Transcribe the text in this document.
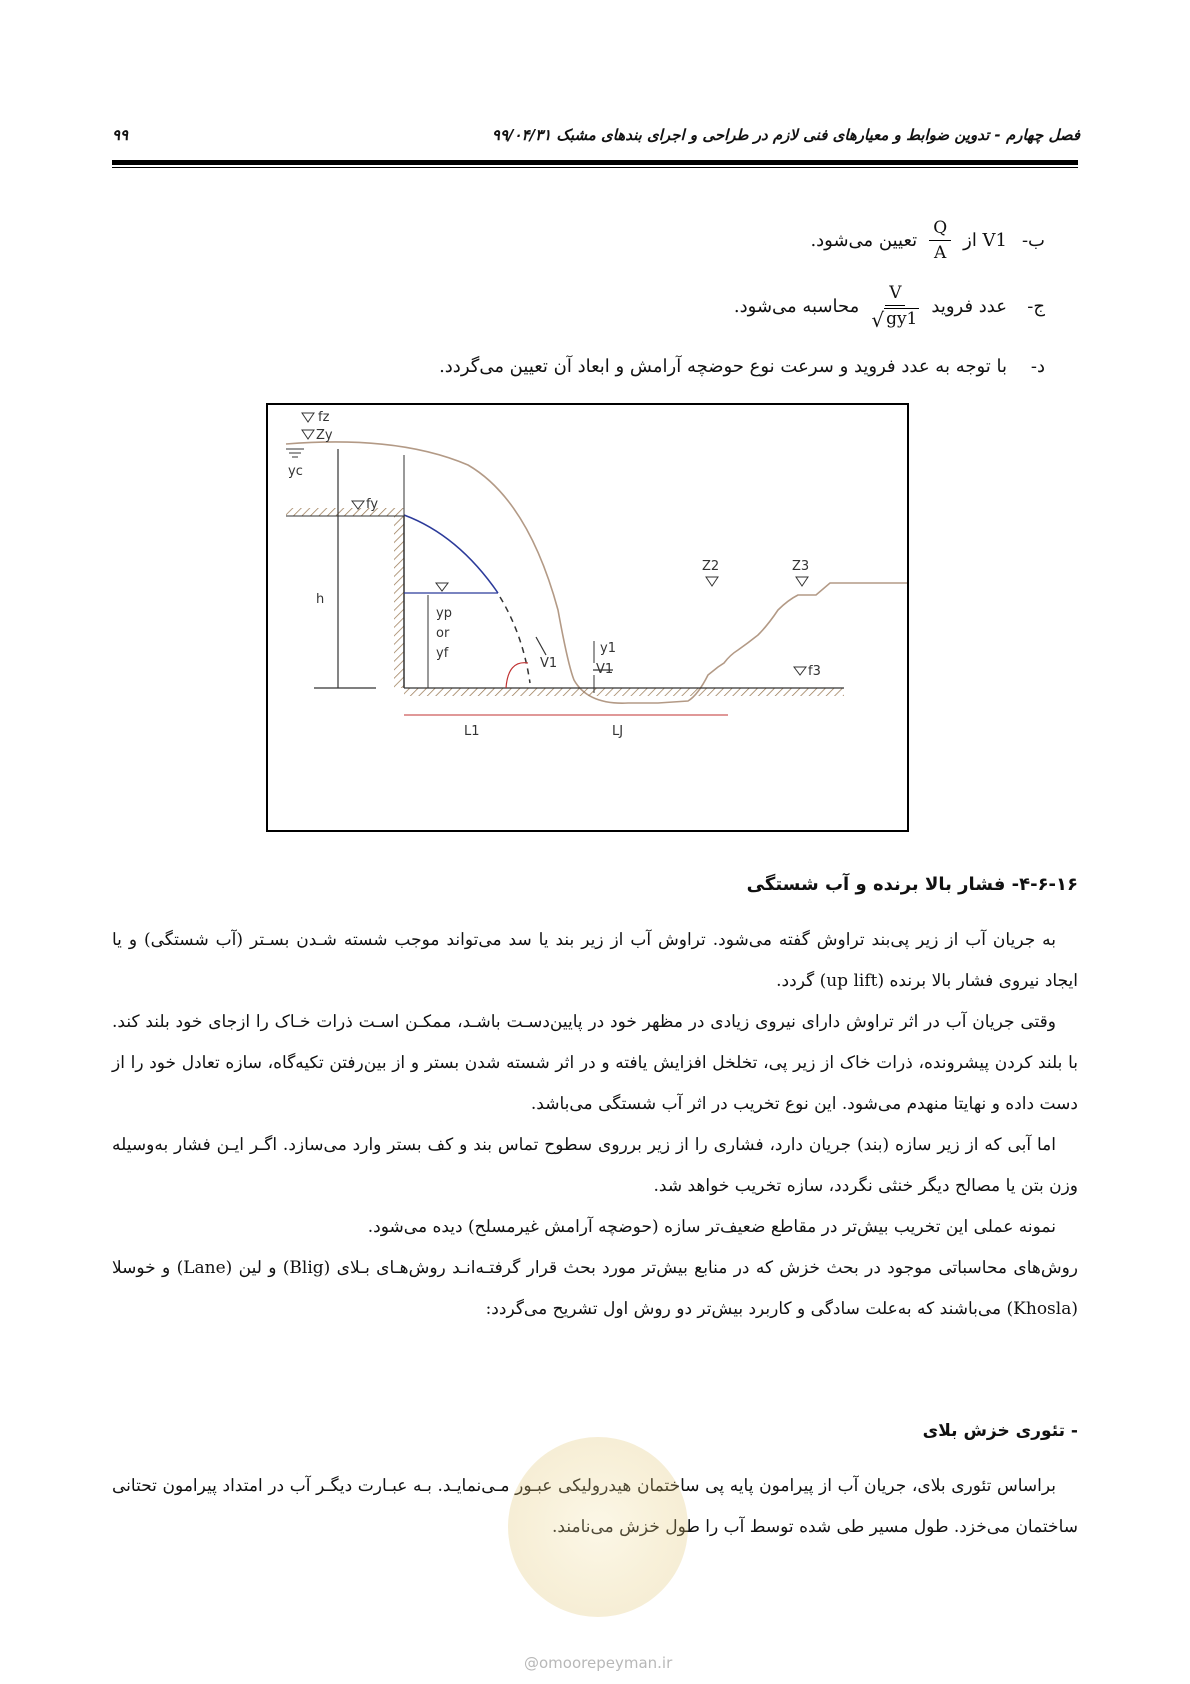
فصل چهارم - تدوین ضوابط و معیارهای فنی لازم در طراحی و اجرای بندهای مشبک ۹۹/۰۴/۳۱
۹۹
ب-
V1 از
$\frac{Q}{A}$
تعیین می‌شود.
ج-
عدد فروید
$\frac{V}{√ gy1}$
محاسبه می‌شود.
د-
با توجه به عدد فروید و سرعت نوع حوضچه آرامش و ابعاد آن تعیین می‌گردد.
fz
Zy
yc
fy
h
yp
or
yf
V1	V1
y1
Z2	Z3
f3
L1	LJ
۴-۶-۱۶- فشار بالا برنده و آب شستگی

به جریان آب از زیر پی‌بند تراوش گفته می‌شود. تراوش آب از زیر بند یا سد می‌تواند موجب شسته شـدن بسـتر (آب شستگی) و یا ایجاد نیروی فشار بالا برنده (up lift) گردد.

وقتی جریان آب در اثر تراوش دارای نیروی زیادی در مظهر خود در پایین‌دسـت باشـد، ممکـن اسـت ذرات خـاک را ازجای خود بلند کند. با بلند کردن پیشرونده، ذرات خاک از زیر پی، تخلخل افزایش یافته و در اثر شسته شدن بستر و از بین‌رفتن تکیه‌گاه، سازه تعادل خود را از دست داده و نهایتا منهدم می‌شود. این نوع تخریب در اثر آب شستگی می‌باشد.

اما آبی که از زیر سازه (بند) جریان دارد، فشاری را از زیر برروی سطوح تماس بند و کف بستر وارد می‌سازد. اگـر ایـن فشار به‌وسیله وزن بتن یا مصالح دیگر خنثی نگردد، سازه تخریب خواهد شد.

نمونه عملی این تخریب بیش‌تر در مقاطع ضعیف‌تر سازه (حوضچه آرامش غیرمسلح) دیده می‌شود.

روش‌های محاسباتی موجود در بحث خزش که در منابع بیش‌تر مورد بحث قرار گرفتـه‌انـد روش‌هـای بـلای (Blig) و لین (Lane) و خوسلا (Khosla) می‌باشند که به‌علت سادگی و کاربرد بیش‌تر دو روش اول تشریح می‌گردد:

- تئوری خزش بلای

براساس تئوری بلای، جریان آب از پیرامون پایه پی ساختمان هیدرولیکی عبـور مـی‌نمایـد. بـه عبـارت دیگـر آب در امتداد پیرامون تحتانی ساختمان می‌خزد. طول مسیر طی شده توسط آب را طول خزش می‌نامند.

@omoorepeyman.ir
